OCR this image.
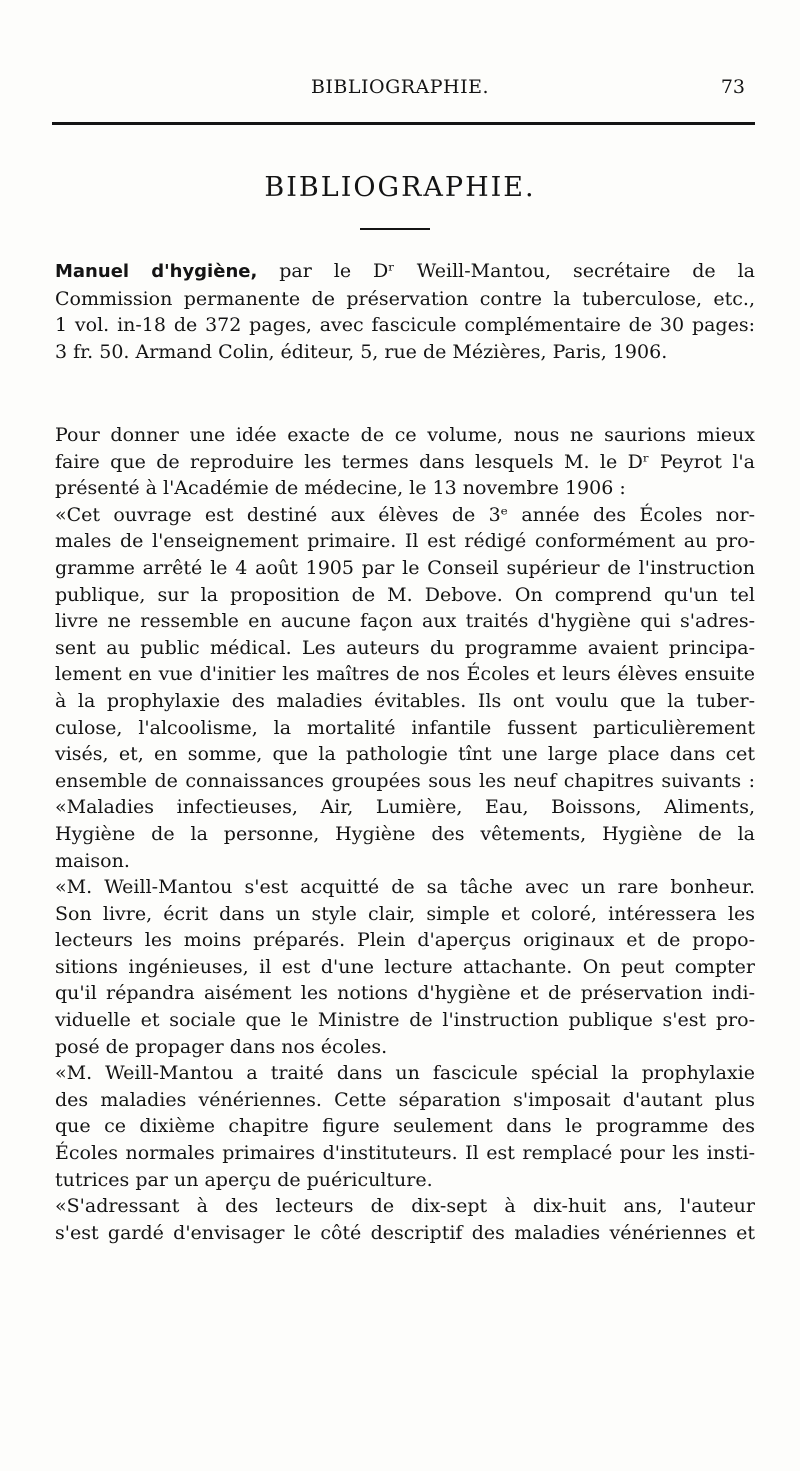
BIBLIOGRAPHIE.	73
BIBLIOGRAPHIE.
Manuel d'hygiène, par le Dʳ Weill-Mantou, secrétaire de la
Commission permanente de préservation contre la tuberculose, etc.,
1 vol. in-18 de 372 pages, avec fascicule complémentaire de 30 pages:
3 fr. 50. Armand Colin, éditeur, 5, rue de Mézières, Paris, 1906.
Pour donner une idée exacte de ce volume, nous ne saurions mieux
faire que de reproduire les termes dans lesquels M. le Dʳ Peyrot l'a
présenté à l'Académie de médecine, le 13 novembre 1906 :
«Cet ouvrage est destiné aux élèves de 3ᵉ année des Écoles nor-
males de l'enseignement primaire. Il est rédigé conformément au pro-
gramme arrêté le 4 août 1905 par le Conseil supérieur de l'instruction
publique, sur la proposition de M. Debove. On comprend qu'un tel
livre ne ressemble en aucune façon aux traités d'hygiène qui s'adres-
sent au public médical. Les auteurs du programme avaient principa-
lement en vue d'initier les maîtres de nos Écoles et leurs élèves ensuite
à la prophylaxie des maladies évitables. Ils ont voulu que la tuber-
culose, l'alcoolisme, la mortalité infantile fussent particulièrement
visés, et, en somme, que la pathologie tînt une large place dans cet
ensemble de connaissances groupées sous les neuf chapitres suivants :
«Maladies infectieuses, Air, Lumière, Eau, Boissons, Aliments,
Hygiène de la personne, Hygiène des vêtements, Hygiène de la
maison.
«M. Weill-Mantou s'est acquitté de sa tâche avec un rare bonheur.
Son livre, écrit dans un style clair, simple et coloré, intéressera les
lecteurs les moins préparés. Plein d'aperçus originaux et de propo-
sitions ingénieuses, il est d'une lecture attachante. On peut compter
qu'il répandra aisément les notions d'hygiène et de préservation indi-
viduelle et sociale que le Ministre de l'instruction publique s'est pro-
posé de propager dans nos écoles.
«M. Weill-Mantou a traité dans un fascicule spécial la prophylaxie
des maladies vénériennes. Cette séparation s'imposait d'autant plus
que ce dixième chapitre figure seulement dans le programme des
Écoles normales primaires d'instituteurs. Il est remplacé pour les insti-
tutrices par un aperçu de puériculture.
«S'adressant à des lecteurs de dix-sept à dix-huit ans, l'auteur
s'est gardé d'envisager le côté descriptif des maladies vénériennes et
